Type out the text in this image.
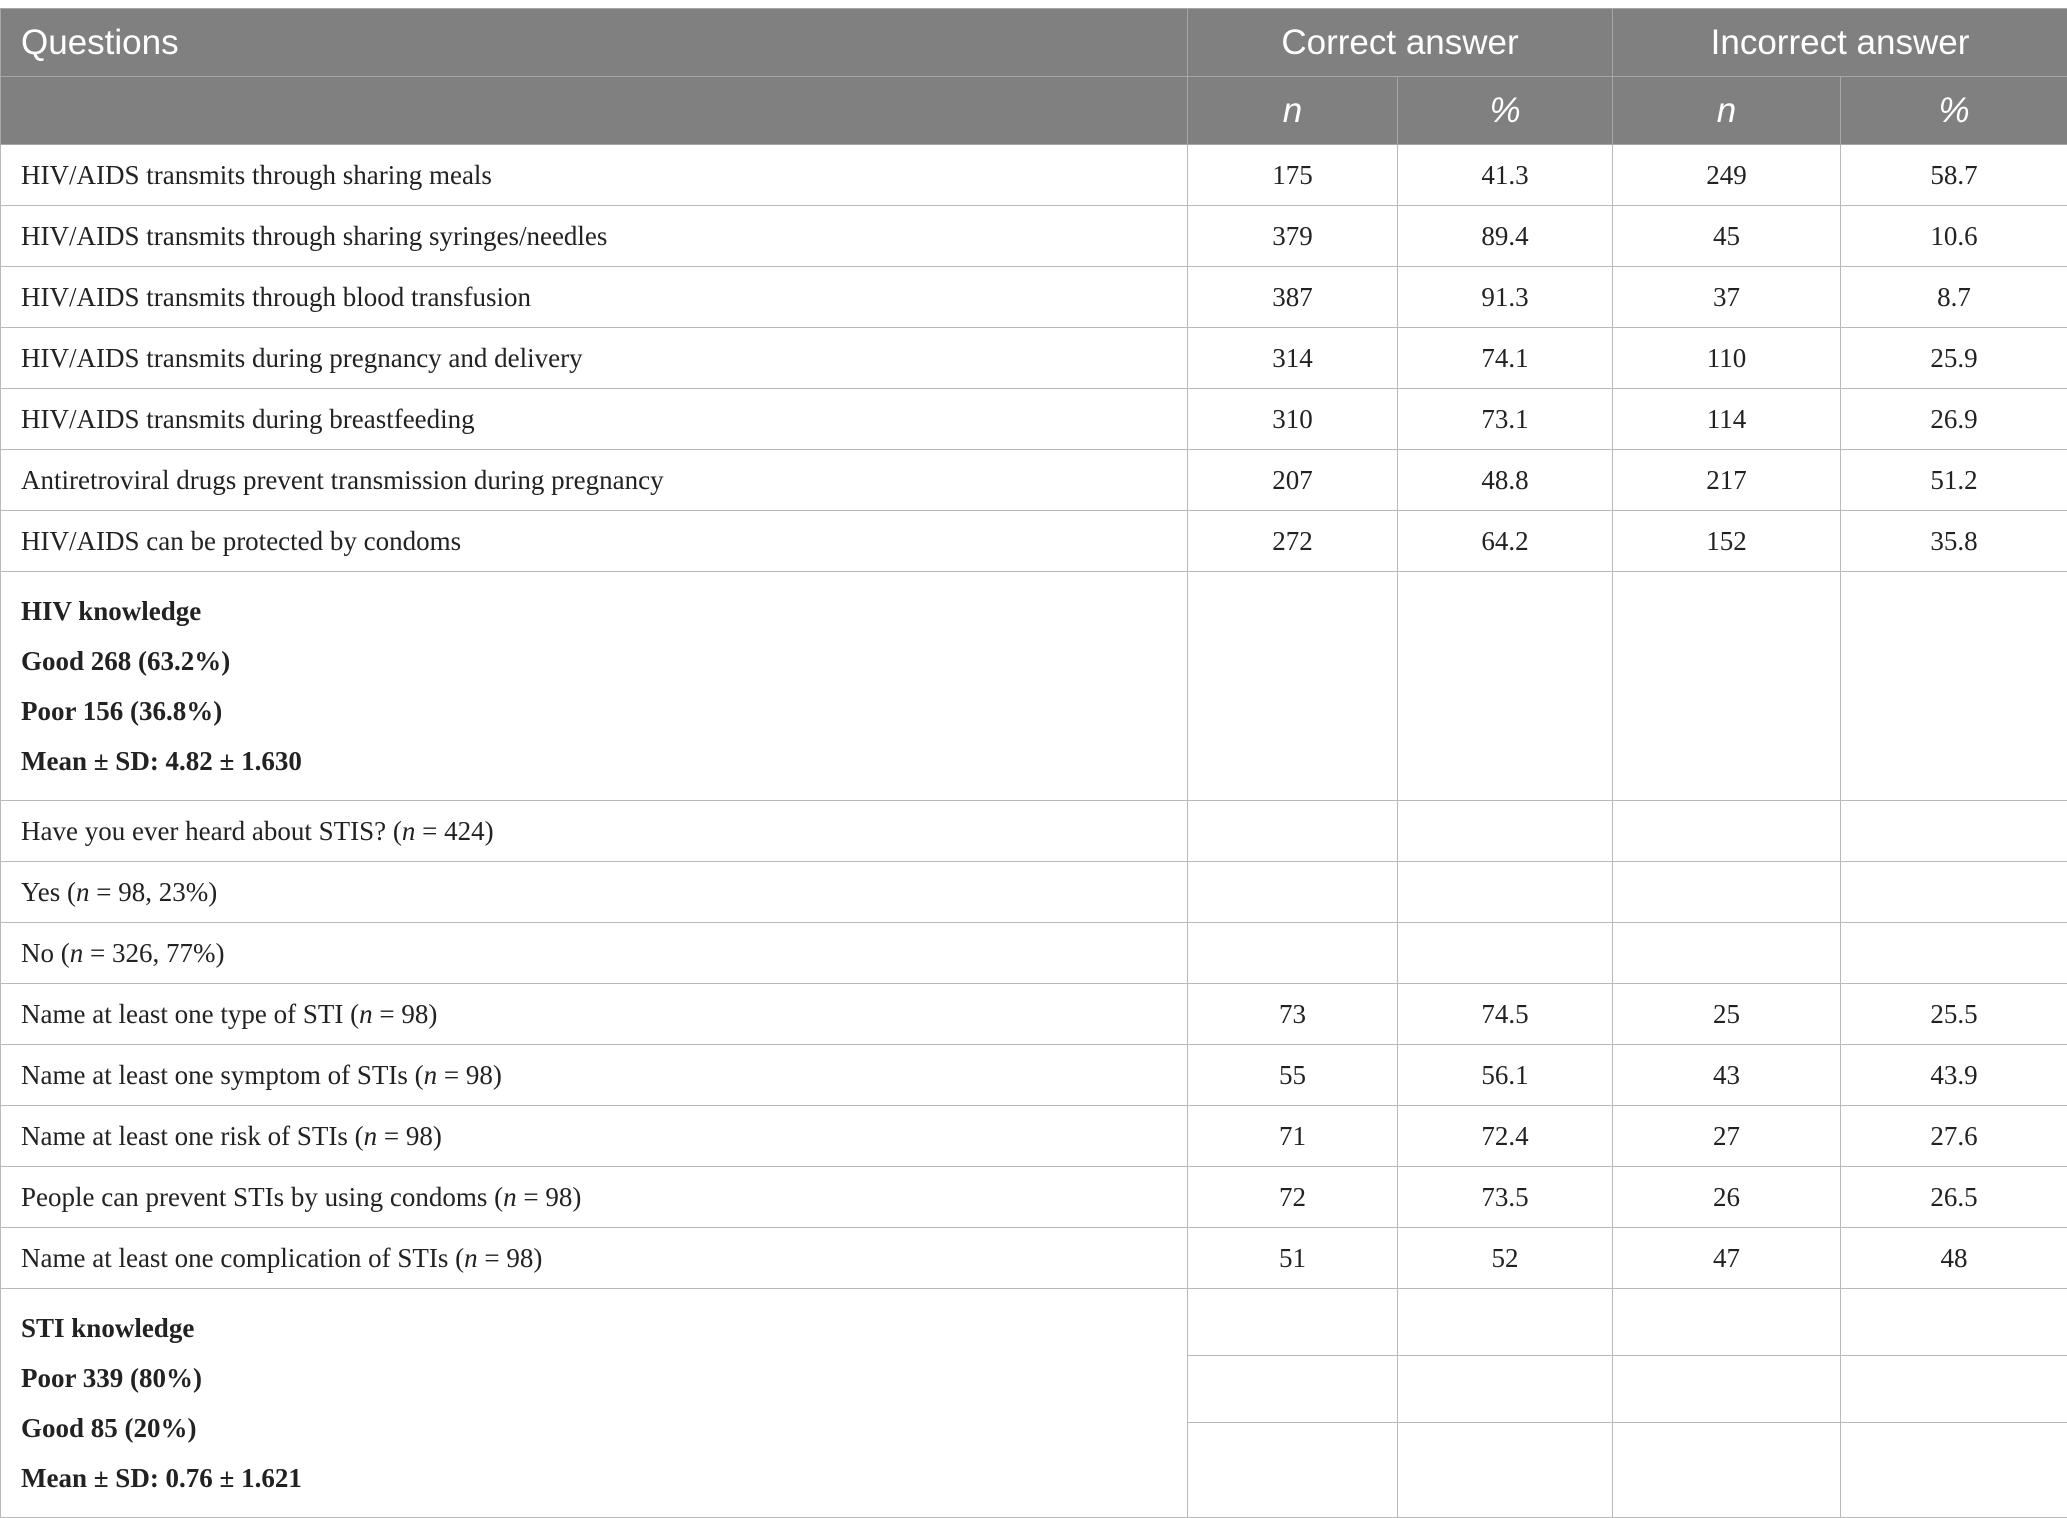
Questions	Correct answer		Incorrect answer	
	n	%	n	%
HIV/AIDS transmits through sharing meals	175	41.3	249	58.7
HIV/AIDS transmits through sharing syringes/needles	379	89.4	45	10.6
HIV/AIDS transmits through blood transfusion	387	91.3	37	8.7
HIV/AIDS transmits during pregnancy and delivery	314	74.1	110	25.9
HIV/AIDS transmits during breastfeeding	310	73.1	114	26.9
Antiretroviral drugs prevent transmission during pregnancy	207	48.8	217	51.2
HIV/AIDS can be protected by condoms	272	64.2	152	35.8

HIV knowledge
Good 268 (63.2%)
Poor 156 (36.8%)
Mean ± SD: 4.82 ± 1.630				

Have you ever heard about STIS? (n = 424)				
Yes (n = 98, 23%)				
No (n = 326, 77%)				
Name at least one type of STI (n = 98)	73	74.5	25	25.5
Name at least one symptom of STIs (n = 98)	55	56.1	43	43.9
Name at least one risk of STIs (n = 98)	71	72.4	27	27.6
People can prevent STIs by using condoms (n = 98)	72	73.5	26	26.5
Name at least one complication of STIs (n = 98)	51	52	47	48

STI knowledge
Poor 339 (80%)
Good 85 (20%)
Mean ± SD: 0.76 ± 1.621				
